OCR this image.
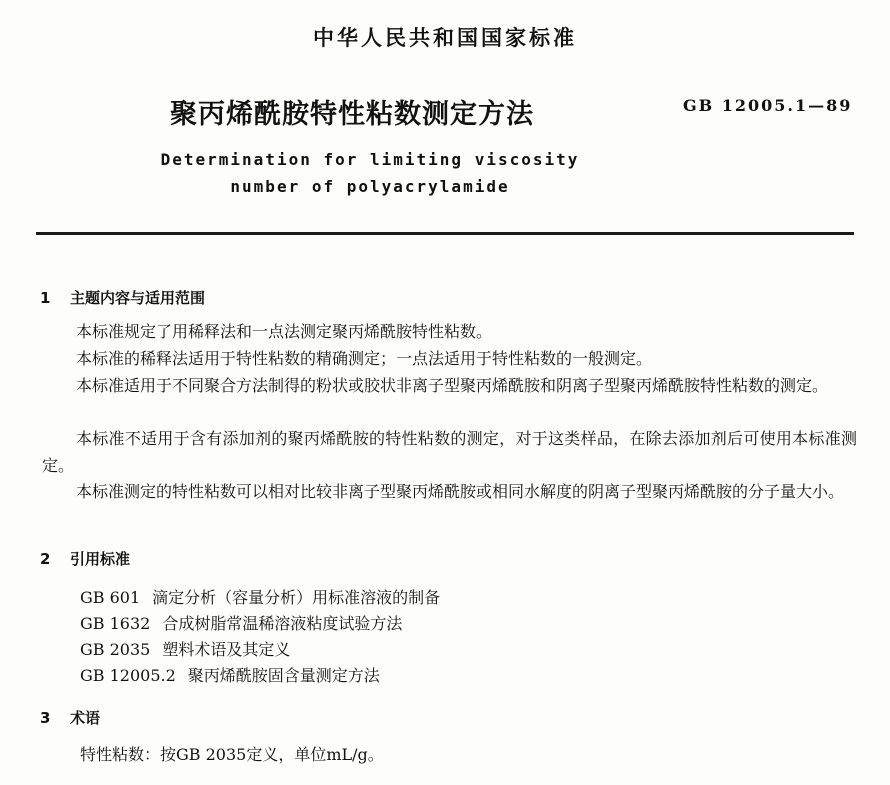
中华人民共和国国家标准
聚丙烯酰胺特性粘数测定方法	GB 12005.1—89
Determination for limiting viscosity
number of polyacrylamide
1 主题内容与适用范围
本标准规定了用稀释法和一点法测定聚丙烯酰胺特性粘数。
本标准的稀释法适用于特性粘数的精确测定；一点法适用于特性粘数的一般测定。
本标准适用于不同聚合方法制得的粉状或胶状非离子型聚丙烯酰胺和阴离子型聚丙烯酰胺特性粘数的测定。
本标准不适用于含有添加剂的聚丙烯酰胺的特性粘数的测定，对于这类样品，在除去添加剂后可使用本标准测定。
本标准测定的特性粘数可以相对比较非离子型聚丙烯酰胺或相同水解度的阴离子型聚丙烯酰胺的分子量大小。
2 引用标准
GB 601 滴定分析（容量分析）用标准溶液的制备
GB 1632 合成树脂常温稀溶液粘度试验方法
GB 2035 塑料术语及其定义
GB 12005.2 聚丙烯酰胺固含量测定方法
3 术语
特性粘数：按GB 2035定义，单位mL/g。
